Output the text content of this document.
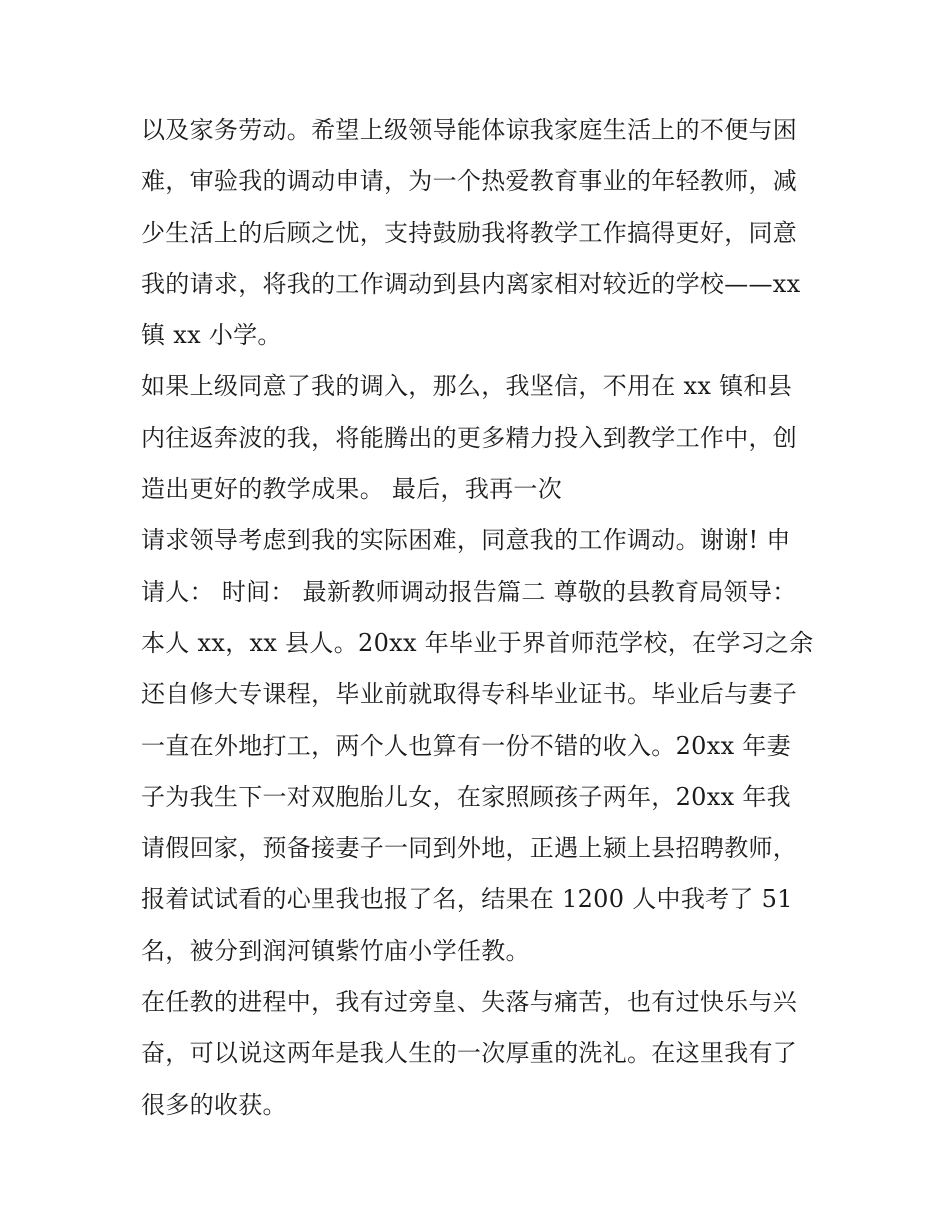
以及家务劳动。希望上级领导能体谅我家庭生活上的不便与困
难，审验我的调动申请，为一个热爱教育事业的年轻教师，减
少生活上的后顾之忧，支持鼓励我将教学工作搞得更好，同意
我的请求，将我的工作调动到县内离家相对较近的学校——xx
镇 xx 小学。
如果上级同意了我的调入，那么，我坚信，不用在 xx 镇和县
内往返奔波的我，将能腾出的更多精力投入到教学工作中，创
造出更好的教学成果。 最后，我再一次
请求领导考虑到我的实际困难，同意我的工作调动。谢谢! 申
请人： 时间： 最新教师调动报告篇二 尊敬的县教育局领导：
本人 xx，xx 县人。20xx 年毕业于界首师范学校，在学习之余
还自修大专课程，毕业前就取得专科毕业证书。毕业后与妻子
一直在外地打工，两个人也算有一份不错的收入。20xx 年妻
子为我生下一对双胞胎儿女，在家照顾孩子两年，20xx 年我
请假回家，预备接妻子一同到外地，正遇上颍上县招聘教师，
报着试试看的心里我也报了名，结果在 1200 人中我考了 51
名，被分到润河镇紫竹庙小学任教。
在任教的进程中，我有过旁皇、失落与痛苦，也有过快乐与兴
奋，可以说这两年是我人生的一次厚重的洗礼。在这里我有了
很多的收获。
